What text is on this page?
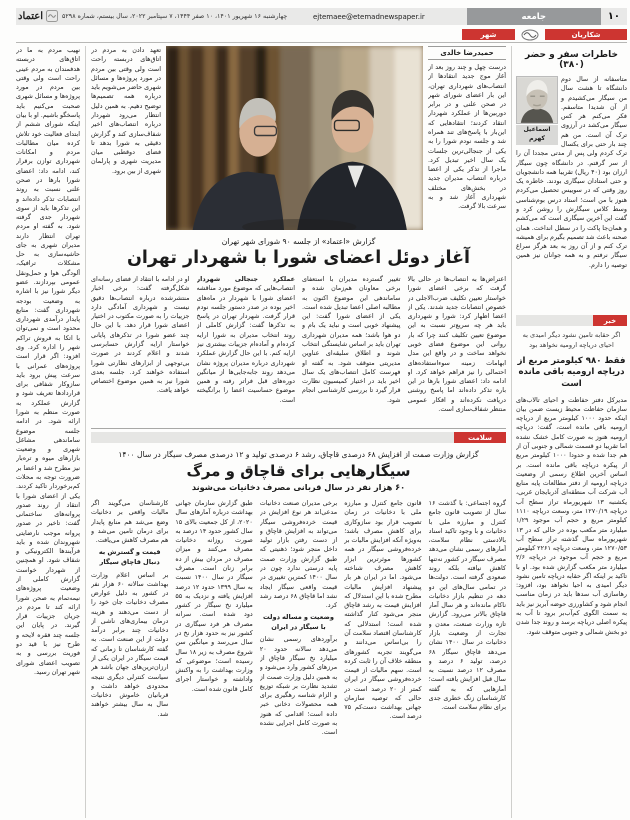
۱۰
جامعه
ejtemaee@etemadnewspaper.ir
چهارشنبه ۱۶ شهریور ۱۴۰۱، ۱۰ صفر ۱۴۴۴، ۷ سپتامبر ۲۰۲۲، سال بیستم، شماره ۵۲۹۸
اعتماد
شکاریان
شهر
خاطرات سفر و حضر (۳۸۰)
اسماعیل کهرم
متاسفانه از سال دوم دانشگاه تا هشت سال من سیگار می‌کشیدم و از آن شدیدا متاسفم. فکر می‌کنم هر کس سیگار می‌کشد در آرزوی ترک آن است. من هم چند بار حتی برای یکسال ترک کردم ولی پس از مدتی مجددا آن را از سر گرفتم. در دانشگاه چون سیگار ارزان بود (۴۰ ریال) تقریبا همه دانشجویان و حتی استادان سیگاری بودند. خاطره یک روز وقتی که در سوییس تحصیل می‌کردم هنوز با من است؛ استاد درس بوم‌شناسی وسط کلاس سیگارش را روشن کرد و گفت این آخرین سیگاری است که می‌کشم و همان‌جا پاکت را در سطل انداخت. همان صحنه باعث شد تصمیم بگیرم برای همیشه ترک کنم و از آن روز به بعد هرگز سراغ سیگار نرفتم و به همه جوانان نیز همین توصیه را دارم.
خبر
اگر حقابه تامین نشود دیگر امیدی به احیای دریاچه ارومیه نخواهد بود
فقط ۹۸۰ کیلومتر مربع از دریاچه ارومیه باقی مانده است
مدیرکل دفتر حفاظت و احیای تالاب‌های سازمان حفاظت محیط زیست ضمن بیان اینکه حدود ۱۰۰۰ کیلومتر مربع از دریاچه ارومیه باقی مانده است، گفت: دریاچه ارومیه هنوز به صورت کامل خشک نشده اما تقریبا دو قسمت شمالی و جنوبی آن از هم جدا شده و حدودا ۱۰۰۰ کیلومتر مربع از پیکره دریاچه باقی مانده است. بر اساس آخرین اطلاع رسمی از وضعیت دریاچه ارومیه از دفتر مطالعات پایه منابع آب شرکت آب منطقه‌ای آذربایجان غربی، یکشنبه ۱۳ شهریورماه تراز سطح آب دریاچه ۱۲۷۰/۱۹ متر، وسعت دریاچه ۱۱۱۰ کیلومتر مربع و حجم آب موجود ۱/۲۹ میلیارد متر مکعب بوده در حالی که در ۱۳ شهریورماه سال گذشته تراز سطح آب ۱۲۷۰/۵۳ متر، وسعت دریاچه ۲۲۶۱ کیلومتر مربع و حجم آب موجود در دریاچه ۲/۶ میلیارد متر مکعب گزارش شده بود. او با تاکید بر اینکه اگر حقابه دریاچه تامین نشود دیگر امیدی به احیا نخواهد بود، افزود: رهاسازی آب سدها باید در زمان مناسب انجام شود و کشاورزی حوضه آبریز نیز باید به سمت الگوی کم‌آب‌بر برود تا آب به پیکره اصلی دریاچه برسد و روند جدا شدن دو بخش شمالی و جنوبی متوقف شود.
حمیدرضا خالدی
درست چهل و چند روز بعد از آغاز موج جدید انتقادها از انتصاب‌های شهرداری تهران، این بار اعضای شورای شهر در صحن علنی و در برابر دوربین‌ها از عملکرد شهردار انتقاد کردند؛ انتقادهایی که این‌بار با پاسخ‌های تند همراه شد و جلسه نودم شورا را به یکی از جنجالی‌ترین جلسات یک سال اخیر تبدیل کرد. ماجرا از تذکر یکی از اعضا درباره انتصاب مدیران جدید در بخش‌های مختلف شهرداری آغاز شد و به سرعت بالا گرفت.
تعهد دادن به مردم در اتاق‌های دربسته راحت است ولی وقتی بین مردم در مورد پروژه‌ها و مسائل شهری حاضر می‌شویم باید درباره همه تصمیم‌ها توضیح دهیم. به همین دلیل انتظار می‌رود شهردار درباره انتصاب‌های اخیر شفاف‌سازی کند و گزارش دقیقی به شورا بدهد تا فضای دوقطبی میان مدیریت شهری و پارلمان شهری از بین برود.
گزارش «اعتماد» از جلسه ۹۰ شورای شهر تهران
آغاز دوئل اعضای شورا با شهردار تهران

اعتراض‌ها به انتصاب‌ها در حالی بالا گرفت که برخی اعضای شورا خواستار تعیین تکلیف ضرب‌الاجلی در خصوص انتصابات جدید شدند. یکی از اعضا اظهار کرد: شورا و شهرداری باید هر چه سریع‌تر نسبت به این موضوع تعیین تکلیف کنند چرا که بار روانی این موضوع فضای خوبی نخواهد ساخت و در واقع این مدل ابهامات زمینه سوءاستفاده‌های احتمالی را نیز فراهم خواهد کرد. او ادامه داد: اعضای شورا بارها در این باره تذکر داده‌اند اما پاسخ روشنی دریافت نکرده‌اند و افکار عمومی منتظر شفاف‌سازی است.

تغییر گسترده مدیران با استعفای برخی معاونان هم‌زمان شده و ساماندهی این موضوع اکنون به مطالبه اصلی اعضا تبدیل شده است. یکی از اعضای شورا گفت: این پیشنهاد خوبی است و نباید یک بام و دو هوا باشد؛ همه مدیران شهرداری تهران باید بر اساس شایستگی انتخاب شوند و اطلاق سلیقه‌ای عناوین مدیریتی متوقف شود. به گفته او فهرست کامل انتصاب‌های یک سال اخیر باید در اختیار کمیسیون نظارت قرار گیرد تا بررسی کارشناسی انجام شود.

عملکرد جنجالی شهردار انتصاب‌هایی که موضوع مورد مناقشه اعضای شورا با شهردار در ماه‌های اخیر بوده در صدر دستور جلسه نودم قرار گرفت. شهردار تهران در پاسخ به تذکرها گفت: گزارش کاملی از روند انتخاب مدیران به شورا ارایه کرده‌ام و آماده‌ام جزییات بیشتری نیز ارایه کنم. با این حال گزارش عملکرد شهرداری درباره مدیران پروژه نشان می‌دهد روند جابه‌جایی‌ها از میانگین دوره‌های قبل فراتر رفته و همین موضوع حساسیت اعضا را برانگیخته است.

او در ادامه با انتقاد از فضای رسانه‌ای شکل‌گرفته گفت: برخی اخبار منتشرشده درباره انتصاب‌ها دقیق نیست و شهرداری آمادگی دارد جزییات را به صورت مکتوب در اختیار اعضای شورا قرار دهد. با این حال چند عضو شورا در تذکرهای پایانی خواستار ارایه گزارش حسابرسی شدند و اعلام کردند در صورت بی‌توجهی از ابزارهای نظارتی شورا استفاده خواهند کرد. جلسه بعدی شورا نیز به همین موضوع اختصاص خواهد یافت.

سلامت
گزارش وزارت صمت از افزایش ۶۸ درصدی قاچاق، رشد ۶ درصدی تولید و ۱۲ درصدی مصرف سیگار در سال ۱۴۰۰
سیگارهایی برای قاچاق و مرگ
۶۰ هزار نفر در سال قربانی مصرف دخانیات می‌شوند

گروه اجتماعی: با گذشت ۱۶ سال از تصویب قانون جامع کنترل و مبارزه ملی با دخانیات و با وجود تاکید اسناد بالادستی نظام سلامت، آمارهای رسمی نشان می‌دهد مصرف سیگار در کشور نه‌تنها کاهش نیافته بلکه روند صعودی گرفته است. دولت‌ها در تمامی سال‌های این دو دهه در تنظیم بازار دخانیات ناکام مانده‌اند و هر سال آمار قاچاق بالاتر می‌رود. گزارش تازه وزارت صنعت، معدن و تجارت از وضعیت بازار دخانیات در سال ۱۴۰۰ نشان می‌دهد قاچاق سیگار ۶۸ درصد، تولید ۶ درصد و مصرف ۱۲ درصد نسبت به سال قبل افزایش یافته است؛ آمارهایی که به گفته کارشناسان زنگ خطری جدی برای نظام سلامت است.

قانون جامع کنترل و مبارزه ملی با دخانیات در زمان تصویب قرار بود سازوکاری برای کاهش مصرف باشد؛ به‌ویژه آنکه افزایش مالیات بر خرده‌فروشی سیگار در همه کشورها موثرترین ابزار کاهش مصرف شناخته می‌شود. اما در ایران هر بار پیشنهاد افزایش مالیات مطرح شده با این استدلال که افزایش قیمت به رشد قاچاق منجر می‌شود کنار گذاشته شده است؛ استدلالی که کارشناسان اقتصاد سلامت آن را بی‌اساس می‌دانند و می‌گویند تجربه کشورهای منطقه خلاف آن را ثابت کرده است. سهم مالیات از قیمت خرده‌فروشی سیگار در ایران کمتر از ۲۰ درصد است در حالی که توصیه سازمان جهانی بهداشت دست‌کم ۷۵ درصد است.

برخی مدیران صنعت دخانیات مدعی‌اند هر نوع افزایش در قیمت خرده‌فروشی سیگار می‌تواند به افزایش قاچاق و از دست رفتن بازار تولید داخل منجر شود؛ ذهنیتی که طبق گزارش وزارت صمت پایه درستی ندارد چون در سال ۱۴۰۰ کمترین تغییری در قیمت واقعی سیگار ایجاد نشد اما قاچاق ۶۸ درصد رشد کرد.

وضعیت و مساله دولت با سیگار در ایران

برآوردهای رسمی نشان می‌دهد سالانه حدود ۲۰ میلیارد نخ سیگار قاچاق از مرزهای کشور وارد می‌شود و به همین دلیل وزارت صمت از تشدید نظارت بر شبکه توزیع و الزام شناسه رهگیری برای همه محصولات دخانی خبر داده است؛ اقدامی که هنوز به صورت کامل اجرایی نشده است.

طبق گزارش سازمان جهانی بهداشت درباره آمارهای سال ۲۰۲۰، از کل جمعیت بالای ۱۵ سال کشور حدود ۱۴ درصد به صورت روزانه دخانیات مصرف می‌کنند و میزان مصرف در مردان بیش از ده برابر زنان است. مصرف سیگار در سال ۱۴۰۰ نسبت به سال ۱۳۹۹ حدود ۱۲ درصد افزایش یافته و نزدیک به ۵۵ میلیارد نخ سیگار در کشور دود شده است. سرانه مصرف هر فرد سیگاری در کشور نیز به حدود هزار نخ در سال می‌رسد و میانگین سن شروع مصرف به زیر ۱۸ سال رسیده است؛ موضوعی که وزارت بهداشت را به واکنش واداشته و خواستار اجرای کامل قانون شده است.

کارشناسان می‌گویند اگر مالیات واقعی بر دخانیات وضع می‌شد هم منابع پایدار برای درمان تامین می‌شد و هم مصرف کاهش می‌یافت.

قیمت و گسترش به دنبال قاچاق سیگار

بر اساس اعلام وزارت بهداشت سالانه ۶۰ هزار نفر در کشور به دلیل عوارض مصرف دخانیات جان خود را از دست می‌دهند و هزینه درمان بیماری‌های ناشی از دخانیات چند برابر درآمد دولت از این صنعت است. به گفته کارشناسان تا زمانی که قیمت سیگار در ایران یکی از ارزان‌ترین‌های جهان باشد هر سیاست کنترلی دیگری نتیجه محدودی خواهد داشت و قربانیان خاموش دخانیات سال به سال بیشتر خواهند شد.

نهیب مردم به ما در اتاق‌های دربسته هدفمندان به مردم عینی راحت است ولی وقتی بین مردم در مورد پروژه‌ها و مسائل شهری صحبت می‌کنیم باید پاسخگو باشیم. او با بیان اینکه شورای ششم از ابتدای فعالیت خود تلاش کرده میان مطالبات مردم و امکانات شهرداری توازن برقرار کند، ادامه داد: اعضای شورا بارها در صحن علنی نسبت به روند انتصابات تذکر داده‌اند و این تذکرها باید از سوی شهردار جدی گرفته شود. به گفته او مردم تهران انتظار دارند مدیران شهری به جای حاشیه‌سازی به حل مشکلات ترافیک، آلودگی هوا و حمل‌ونقل عمومی بپردازند. عضو دیگر شورا نیز با اشاره به وضعیت بودجه شهرداری گفت: منابع پایدار درآمدی شهرداری محدود است و نمی‌توان با اتکا به فروش تراکم شهر را اداره کرد. وی افزود: اگر قرار است پروژه‌های عمرانی با سرعت پیش برود باید سازوکار شفافی برای قراردادها تعریف شود و گزارش عملکرد به صورت منظم به شورا ارائه شود. در ادامه جلسه موضوع ساماندهی مشاغل شهری و وضعیت بازارهای میوه و تره‌بار نیز مطرح شد و اعضا بر ضرورت توجه به محلات کم‌برخوردار تاکید کردند. یکی از اعضای شورا با انتقاد از روند صدور پروانه‌های ساختمانی گفت: تاخیر در صدور پروانه موجب نارضایتی شهروندان شده و باید فرآیندها الکترونیکی و شفاف شود. او همچنین از شهردار خواست گزارش کاملی از وضعیت پروژه‌های نیمه‌تمام به صحن شورا ارائه کند تا مردم در جریان جزییات قرار گیرند. در پایان این جلسه چند فقره لایحه و طرح نیز با قید دو فوریت بررسی و به تصویب اعضای شورای شهر تهران رسید.
